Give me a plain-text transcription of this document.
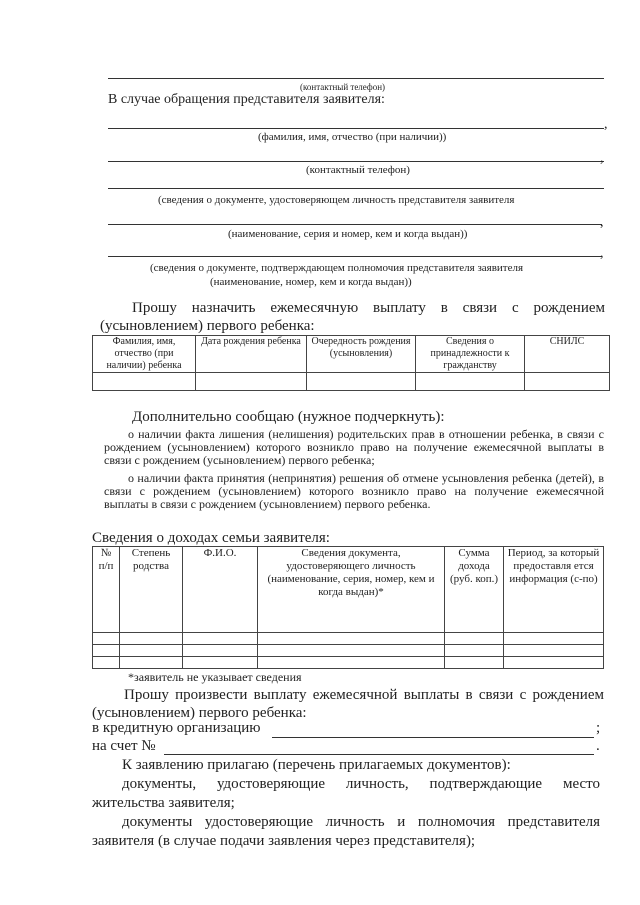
(контактный телефон)
В случае обращения представителя заявителя:
,
(фамилия, имя, отчество (при наличии))
,
(контактный телефон)
(сведения о документе, удостоверяющем личность представителя заявителя
,
(наименование, серия и номер, кем и когда выдан))
,
(сведения о документе, подтверждающем полномочия представителя заявителя
(наименование, номер, кем и когда выдан))
Прошу назначить ежемесячную выплату в связи с рождением (усыновлением) первого ребенка:
Фамилия, имя, отчество (при наличии) ребенка	Дата рождения ребенка	Очередность рождения (усыновления)	Сведения о принадлежности к гражданству	СНИЛС

Дополнительно сообщаю (нужное подчеркнуть):
о наличии факта лишения (нелишения) родительских прав в отношении ребенка, в связи с рождением (усыновлением) которого возникло право на получение ежемесячной выплаты в связи с рождением (усыновлением) первого ребенка;
о наличии факта принятия (непринятия) решения об отмене усыновления ребенка (детей), в связи с рождением (усыновлением) которого возникло право на получение ежемесячной выплаты в связи с рождением (усыновлением) первого ребенка.
Сведения о доходах семьи заявителя:
№ п/п	Степень родства	Ф.И.О.	Сведения документа, удостоверяющего личность (наименование, серия, номер, кем и когда выдан)*	Сумма дохода (руб. коп.)	Период, за который предоставля ется информация (с-по)

*заявитель не указывает сведения
Прошу произвести выплату ежемесячной выплаты в связи с рождением (усыновлением) первого ребенка:
в кредитную организацию	;
на счет №	.
К заявлению прилагаю (перечень прилагаемых документов):
документы, удостоверяющие личность, подтверждающие место жительства заявителя;
документы удостоверяющие личность и полномочия представителя заявителя (в случае подачи заявления через представителя);
